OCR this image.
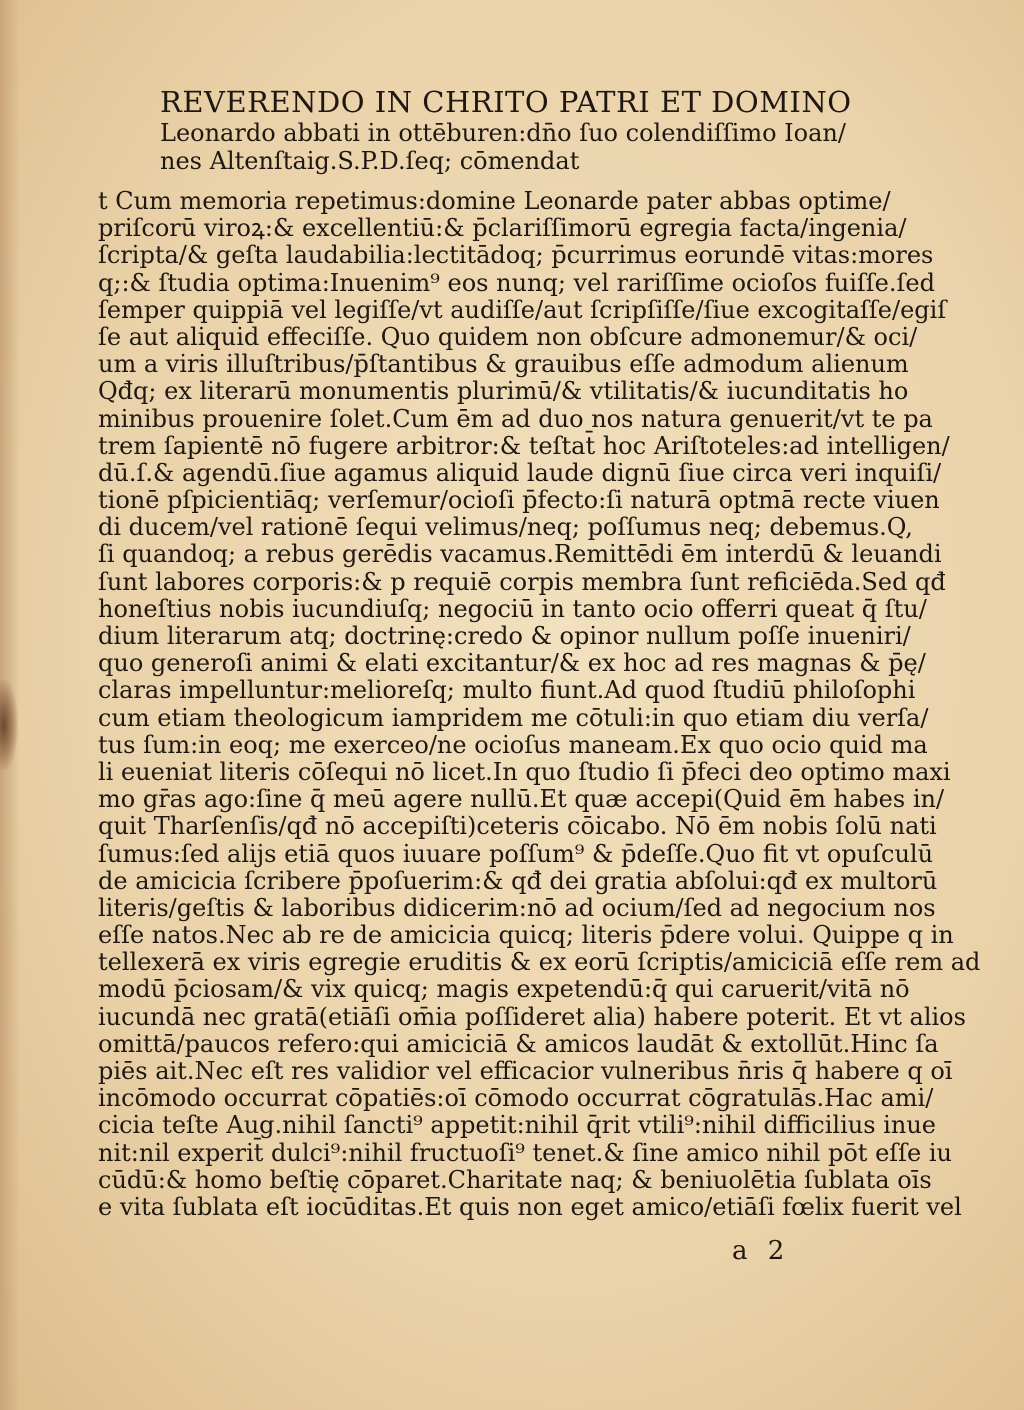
REVERENDO IN CHRITO PATRI ET DOMINO

Leonardo abbati in ottēburen:dn̄o ſuo colendiſſimo Ioan/

nes Altenſtaig.S.P.D.ſeq; cōmendat

t Cum memoria repetimus:domine Leonarde pater abbas optime/
priſcorū viroꝝ:& excellentiū:& p̄clariſſimorū egregia facta/ingenia/
ſcripta/& geſta laudabilia:lectitādoq; p̄currimus eorundē vitas:mores
q;:& ſtudia optima:Inuenim⁹ eos nunq; vel rariſſime ocioſos fuiſſe.ſed
ſemper quippiā vel legiſſe/vt audiſſe/aut ſcripſiſſe/ſiue excogitaſſe/egiſ
ſe aut aliquid effeciſſe. Quo quidem non obſcure admonemur/& oci/
um a viris illuſtribus/p̄ſtantibus & grauibus eſſe admodum alienum
Qđq; ex literarū monumentis plurimū/& vtilitatis/& iucunditatis ho
minibus prouenire ſolet.Cum ēm ad duo nos natura genuerit/vt te pa
trem ſapientē nō fugere arbitror:& teſtat̄ hoc Ariſtoteles:ad intelligen/
dū.ſ.& agendū.ſiue agamus aliquid laude dignū ſiue circa veri inquiſi/
tionē pſpicientiāq; verſemur/ocioſi p̄fecto:ſi naturā optmā recte viuen
di ducem/vel rationē ſequi velimus/neq; poſſumus neq; debemus.Q,
ſi quandoq; a rebus gerēdis vacamus.Remittēdi ēm interdū & leuandi
ſunt labores corporis:& p requiē corpis membra ſunt reficiēda.Sed qđ
honeſtius nobis iucundiuſq; negociū in tanto ocio offerri queat q̄ ſtu/
dium literarum atq; doctrinę:credo & opinor nullum poſſe inueniri/
quo generoſi animi & elati excitantur/& ex hoc ad res magnas & p̄ę/
claras impelluntur:melioreſq; multo fiunt.Ad quod ſtudiū philoſophi
cum etiam theologicum iampridem me cōtuli:in quo etiam diu verſa/
tus ſum:in eoq; me exerceo/ne ocioſus maneam.Ex quo ocio quid ma
li eueniat literis cōſequi nō licet.In quo ſtudio ſi p̄feci deo optimo maxi
mo gr̄as ago:ſine q̄ meū agere nullū.Et quæ accepi(Quid ēm habes in/
quit Tharſenſis/qđ nō accepiſti)ceteris cōicabo. Nō ēm nobis ſolū nati
ſumus:ſed alijs etiā quos iuuare poſſum⁹ & p̄deſſe.Quo fit vt opuſculū
de amicicia ſcribere p̄poſuerim:& qđ dei gratia abſolui:qđ ex multorū
literis/geſtis & laboribus didicerim:nō ad ocium/ſed ad negocium nos
eſſe natos.Nec ab re de amicicia quicq; literis p̄dere volui. Quippe q in
tellexerā ex viris egregie eruditis & ex eorū ſcriptis/amiciciā eſſe rem ad
modū p̄ciosam/& vix quicq; magis expetendū:q̄ qui caruerit/vitā nō
iucundā nec gratā(etiāſi om̄ia poſſideret alia) habere poterit. Et vt alios
omittā/paucos refero:qui amiciciā & amicos laudāt & extollūt.Hinc ſa
piēs ait.Nec eſt res validior vel efficacior vulneribus n̄ris q̄ habere q oī
incōmodo occurrat cōpatiēs:oī cōmodo occurrat cōgratulās.Hac ami/
cicia teſte Aug.nihil ſancti⁹ appetit:nihil q̄rit vtili⁹:nihil difficilius inue
nit:nil experit̄ dulci⁹:nihil fructuoſi⁹ tenet.& ſine amico nihil pōt eſſe iu
cūdū:& homo beſtię cōparet.Charitate naq; & beniuolētia ſublata oīs
e vita ſublata eſt iocūditas.Et quis non eget amico/etiāſi fœlix fuerit vel
a 2
